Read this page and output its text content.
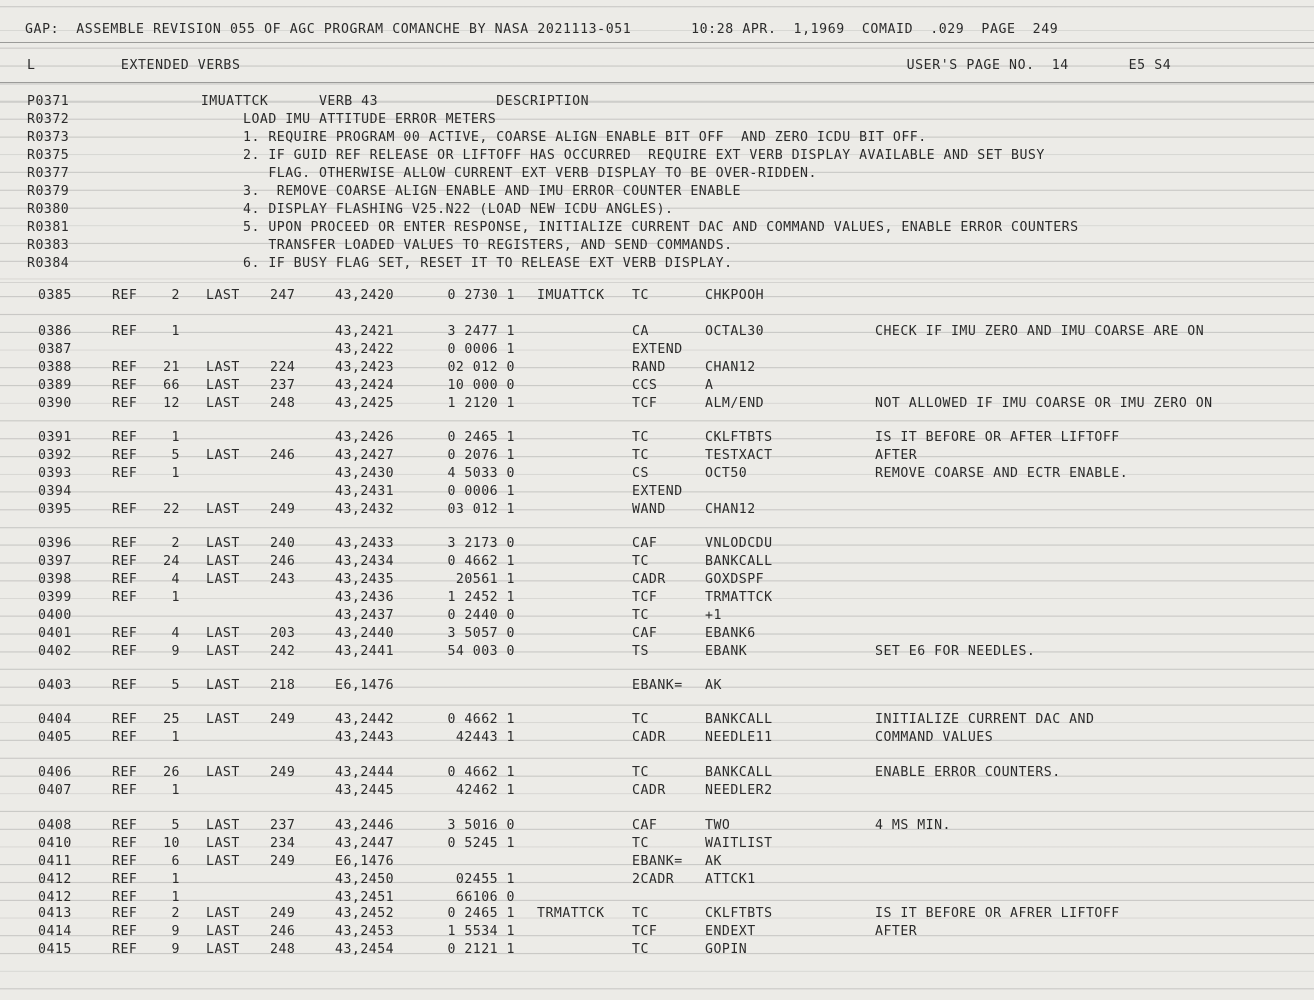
GAP:  ASSEMBLE REVISION 055 OF AGC PROGRAM COMANCHE BY NASA 2021113-051       10:28 APR.  1,1969  COMAID  .029  PAGE  249
L          EXTENDED VERBS                                                                              USER'S PAGE NO.  14       E5 S4
P0371	IMUATTCK      VERB 43              DESCRIPTION
R0372	LOAD IMU ATTITUDE ERROR METERS
R0373	1. REQUIRE PROGRAM 00 ACTIVE, COARSE ALIGN ENABLE BIT OFF  AND ZERO ICDU BIT OFF.
R0375	2. IF GUID REF RELEASE OR LIFTOFF HAS OCCURRED  REQUIRE EXT VERB DISPLAY AVAILABLE AND SET BUSY
R0377	FLAG. OTHERWISE ALLOW CURRENT EXT VERB DISPLAY TO BE OVER-RIDDEN.
R0379	3.  REMOVE COARSE ALIGN ENABLE AND IMU ERROR COUNTER ENABLE
R0380	4. DISPLAY FLASHING V25.N22 (LOAD NEW ICDU ANGLES).
R0381	5. UPON PROCEED OR ENTER RESPONSE, INITIALIZE CURRENT DAC AND COMMAND VALUES, ENABLE ERROR COUNTERS
R0383	TRANSFER LOADED VALUES TO REGISTERS, AND SEND COMMANDS.
R0384	6. IF BUSY FLAG SET, RESET IT TO RELEASE EXT VERB DISPLAY.
0385	REF	2 LAST 247	43,2420	0 2730 1 IMUATTCK TC	CHKPOOH
0386	REF	1	43,2421	3 2477 1	CA	OCTAL30	CHECK IF IMU ZERO AND IMU COARSE ARE ON
0387	43,2422	0 0006 1	EXTEND
0388	REF	21 LAST 224	43,2423	02 012 0	RAND	CHAN12
0389	REF	66 LAST 237	43,2424	10 000 0	CCS	A
0390	REF	12 LAST 248	43,2425	1 2120 1	TCF	ALM/END	NOT ALLOWED IF IMU COARSE OR IMU ZERO ON
0391	REF	1	43,2426	0 2465 1	TC	CKLFTBTS	IS IT BEFORE OR AFTER LIFTOFF
0392	REF	5 LAST 246	43,2427	0 2076 1	TC	TESTXACT	AFTER
0393	REF	1	43,2430	4 5033 0	CS	OCT50	REMOVE COARSE AND ECTR ENABLE.
0394	43,2431	0 0006 1	EXTEND
0395	REF	22 LAST 249	43,2432	03 012 1	WAND	CHAN12
0396	REF	2 LAST 240	43,2433	3 2173 0	CAF	VNLODCDU
0397	REF	24 LAST 246	43,2434	0 4662 1	TC	BANKCALL
0398	REF	4 LAST 243	43,2435	20561 1	CADR	GOXDSPF
0399	REF	1	43,2436	1 2452 1	TCF	TRMATTCK
0400	43,2437	0 2440 0	TC	+1
0401	REF	4 LAST 203	43,2440	3 5057 0	CAF	EBANK6
0402	REF	9 LAST 242	43,2441	54 003 0	TS	EBANK	SET E6 FOR NEEDLES.
0403	REF	5 LAST 218	E6,1476	EBANK= AK
0404	REF	25 LAST 249	43,2442	0 4662 1	TC	BANKCALL	INITIALIZE CURRENT DAC AND
0405	REF	1	43,2443	42443 1	CADR	NEEDLE11	COMMAND VALUES
0406	REF	26 LAST 249	43,2444	0 4662 1	TC	BANKCALL	ENABLE ERROR COUNTERS.
0407	REF	1	43,2445	42462 1	CADR	NEEDLER2
0408	REF	5 LAST 237	43,2446	3 5016 0	CAF	TWO	4 MS MIN.
0410	REF	10 LAST 234	43,2447	0 5245 1	TC	WAITLIST
0411	REF	6 LAST 249	E6,1476	EBANK= AK
0412	REF	1	43,2450	02455 1	2CADR ATTCK1
0412	REF	1	43,2451	66106 0
0413	REF	2 LAST 249	43,2452	0 2465 1 TRMATTCK TC	CKLFTBTS	IS IT BEFORE OR AFRER LIFTOFF
0414	REF	9 LAST 246	43,2453	1 5534 1	TCF	ENDEXT	AFTER
0415	REF	9 LAST 248	43,2454	0 2121 1	TC	GOPIN
